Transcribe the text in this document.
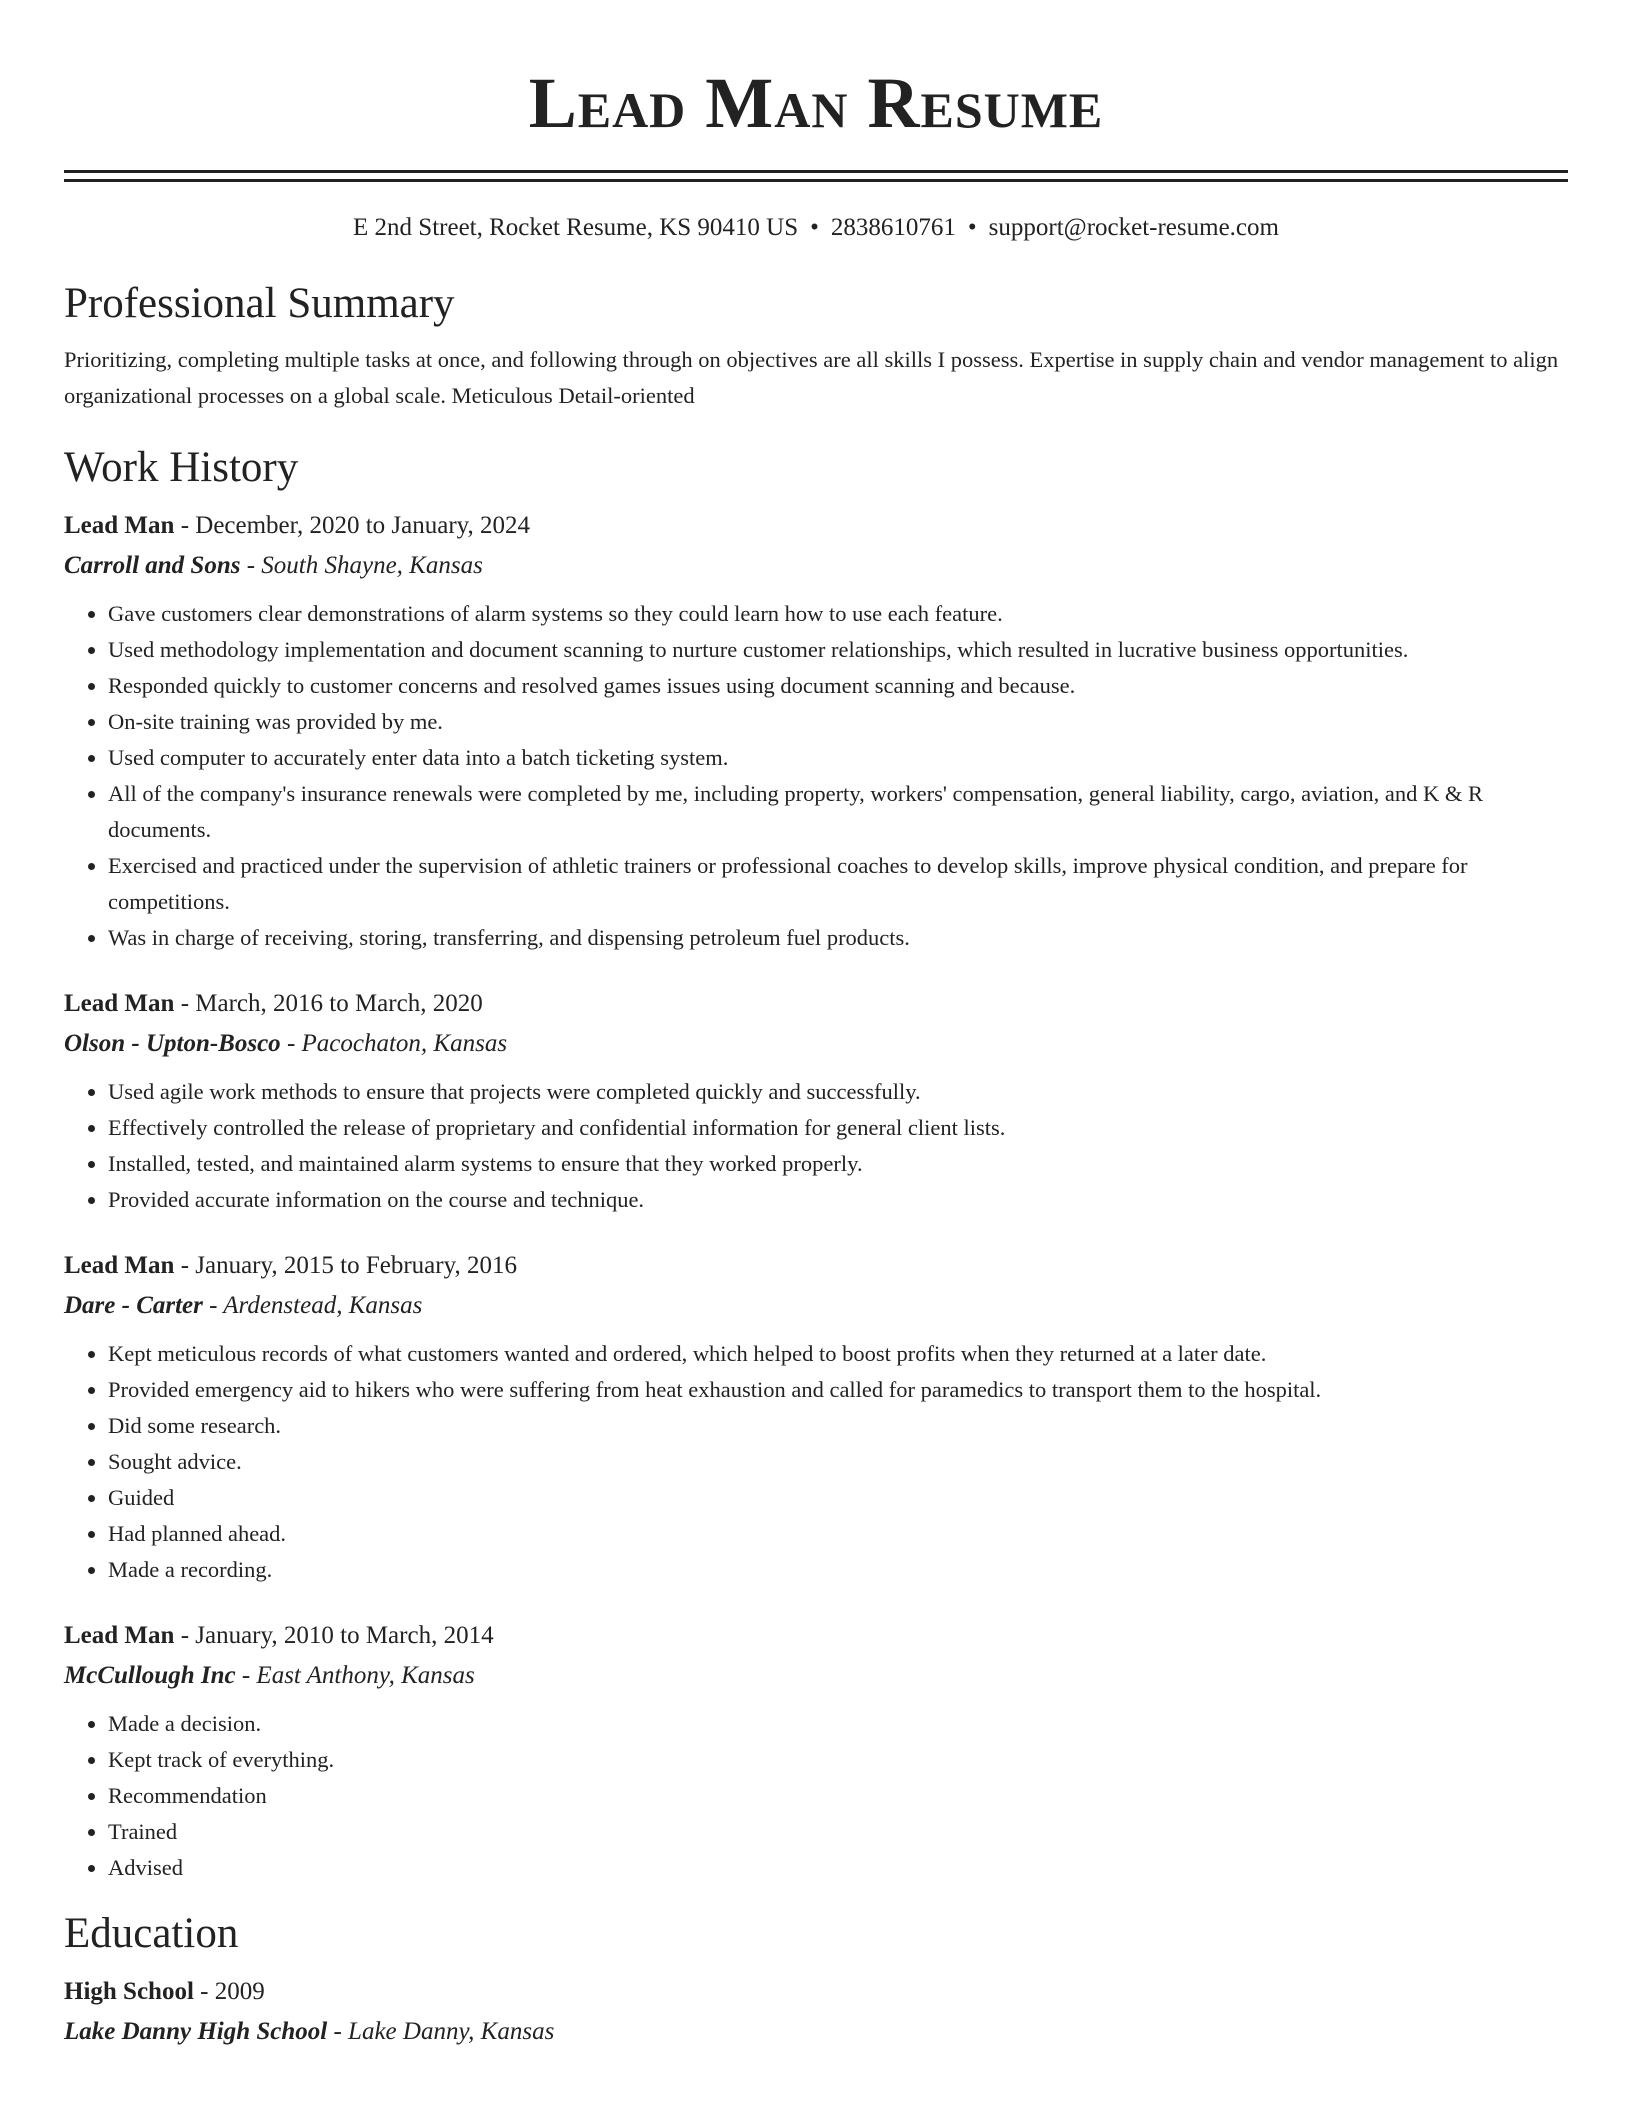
Lead Man Resume
E 2nd Street, Rocket Resume, KS 90410 US • 2838610761 • support@rocket-resume.com
Professional Summary

Prioritizing, completing multiple tasks at once, and following through on objectives are all skills I possess. Expertise in supply chain and vendor management to align organizational processes on a global scale. Meticulous Detail-oriented

Work History
Lead Man - December, 2020 to January, 2024
Carroll and Sons - South Shayne, Kansas
• Gave customers clear demonstrations of alarm systems so they could learn how to use each feature.
• Used methodology implementation and document scanning to nurture customer relationships, which resulted in lucrative business opportunities.
• Responded quickly to customer concerns and resolved games issues using document scanning and because.
• On-site training was provided by me.
• Used computer to accurately enter data into a batch ticketing system.
• All of the company's insurance renewals were completed by me, including property, workers' compensation, general liability, cargo, aviation, and K & R documents.
• Exercised and practiced under the supervision of athletic trainers or professional coaches to develop skills, improve physical condition, and prepare for competitions.
• Was in charge of receiving, storing, transferring, and dispensing petroleum fuel products.
Lead Man - March, 2016 to March, 2020
Olson - Upton-Bosco - Pacochaton, Kansas
• Used agile work methods to ensure that projects were completed quickly and successfully.
• Effectively controlled the release of proprietary and confidential information for general client lists.
• Installed, tested, and maintained alarm systems to ensure that they worked properly.
• Provided accurate information on the course and technique.
Lead Man - January, 2015 to February, 2016
Dare - Carter - Ardenstead, Kansas
• Kept meticulous records of what customers wanted and ordered, which helped to boost profits when they returned at a later date.
• Provided emergency aid to hikers who were suffering from heat exhaustion and called for paramedics to transport them to the hospital.
• Did some research.
• Sought advice.
• Guided
• Had planned ahead.
• Made a recording.
Lead Man - January, 2010 to March, 2014
McCullough Inc - East Anthony, Kansas
• Made a decision.
• Kept track of everything.
• Recommendation
• Trained
• Advised
Education
High School - 2009
Lake Danny High School - Lake Danny, Kansas
